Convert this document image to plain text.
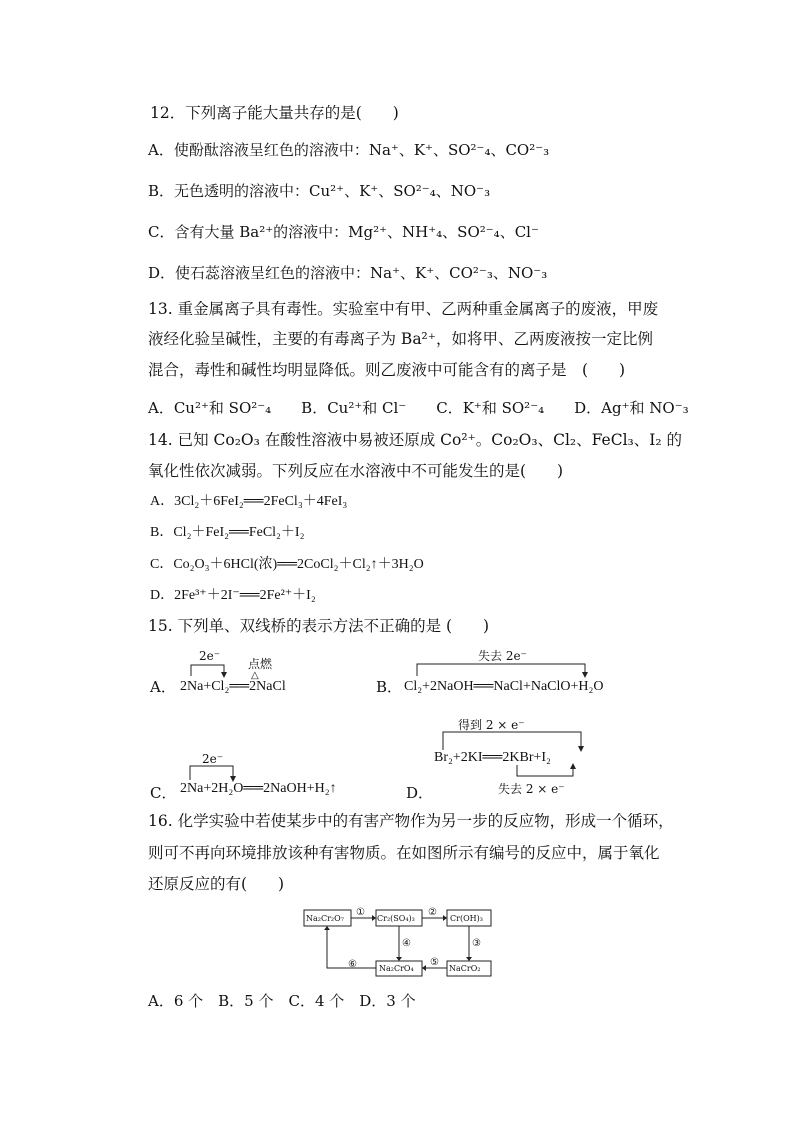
12．下列离子能大量共存的是(　　)
A．使酚酞溶液呈红色的溶液中：Na⁺、K⁺、SO²⁻₄、CO²⁻₃
B．无色透明的溶液中：Cu²⁺、K⁺、SO²⁻₄、NO⁻₃
C．含有大量 Ba²⁺的溶液中：Mg²⁺、NH⁺₄、SO²⁻₄、Cl⁻
D．使石蕊溶液呈红色的溶液中：Na⁺、K⁺、CO²⁻₃、NO⁻₃
13. 重金属离子具有毒性。实验室中有甲、乙两种重金属离子的废液，甲废
液经化验呈碱性，主要的有毒离子为 Ba²⁺，如将甲、乙两废液按一定比例
混合，毒性和碱性均明显降低。则乙废液中可能含有的离子是　(　　)
A．Cu²⁺和 SO²⁻₄　　B．Cu²⁺和 Cl⁻　　C．K⁺和 SO²⁻₄　　D．Ag⁺和 NO⁻₃
14. 已知 Co₂O₃ 在酸性溶液中易被还原成 Co²⁺。Co₂O₃、Cl₂、FeCl₃、I₂ 的
氧化性依次减弱。下列反应在水溶液中不可能发生的是(　　)
A．3Cl₂＋6FeI₂══2FeCl₃＋4FeI₃
B．Cl₂＋FeI₂══FeCl₂＋I₂
C．Co₂O₃＋6HCl(浓)══2CoCl₂＋Cl₂↑＋3H₂O
D．2Fe³⁺＋2I⁻══2Fe²⁺＋I₂
15. 下列单、双线桥的表示方法不正确的是 (　　)
2e⁻
点燃
△
A． 2Na+Cl₂══2NaCl
失去 2e⁻
B． Cl₂+2NaOH══NaCl+NaClO+H₂O
2e⁻
C． 2Na+2H₂O══2NaOH+H₂↑
得到 2 × e⁻
Br₂+2KI══2KBr+I₂
失去 2 × e⁻
D．
16. 化学实验中若使某步中的有害产物作为另一步的反应物，形成一个循环，
则可不再向环境排放该种有害物质。在如图所示有编号的反应中，属于氧化
还原反应的有(　　)
Na₂Cr₂O₇	Cr₂(SO₄)₃	Cr(OH)₃
Na₂CrO₄	NaCrO₂
①	②
③
④
⑤
⑥
A．6 个　B．5 个　C．4 个　D．3 个
